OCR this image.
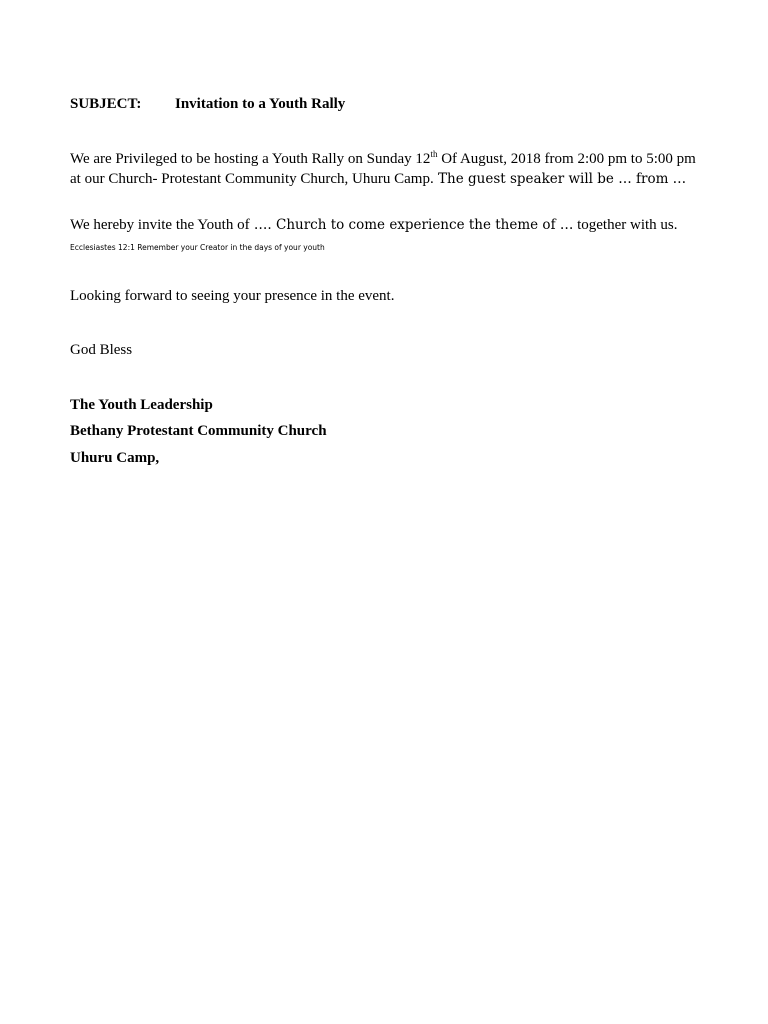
SUBJECT: Invitation to a Youth Rally
We are Privileged to be hosting a Youth Rally on Sunday 12th Of August, 2018 from 2:00 pm to 5:00 pm at our Church- Protestant Community Church, Uhuru Camp. The guest speaker will be … from …
We hereby invite the Youth of …. Church to come experience the theme of … together with us.
Ecclesiastes 12:1 Remember your Creator in the days of your youth
Looking forward to seeing your presence in the event.
God Bless
The Youth Leadership
Bethany Protestant Community Church
Uhuru Camp,
